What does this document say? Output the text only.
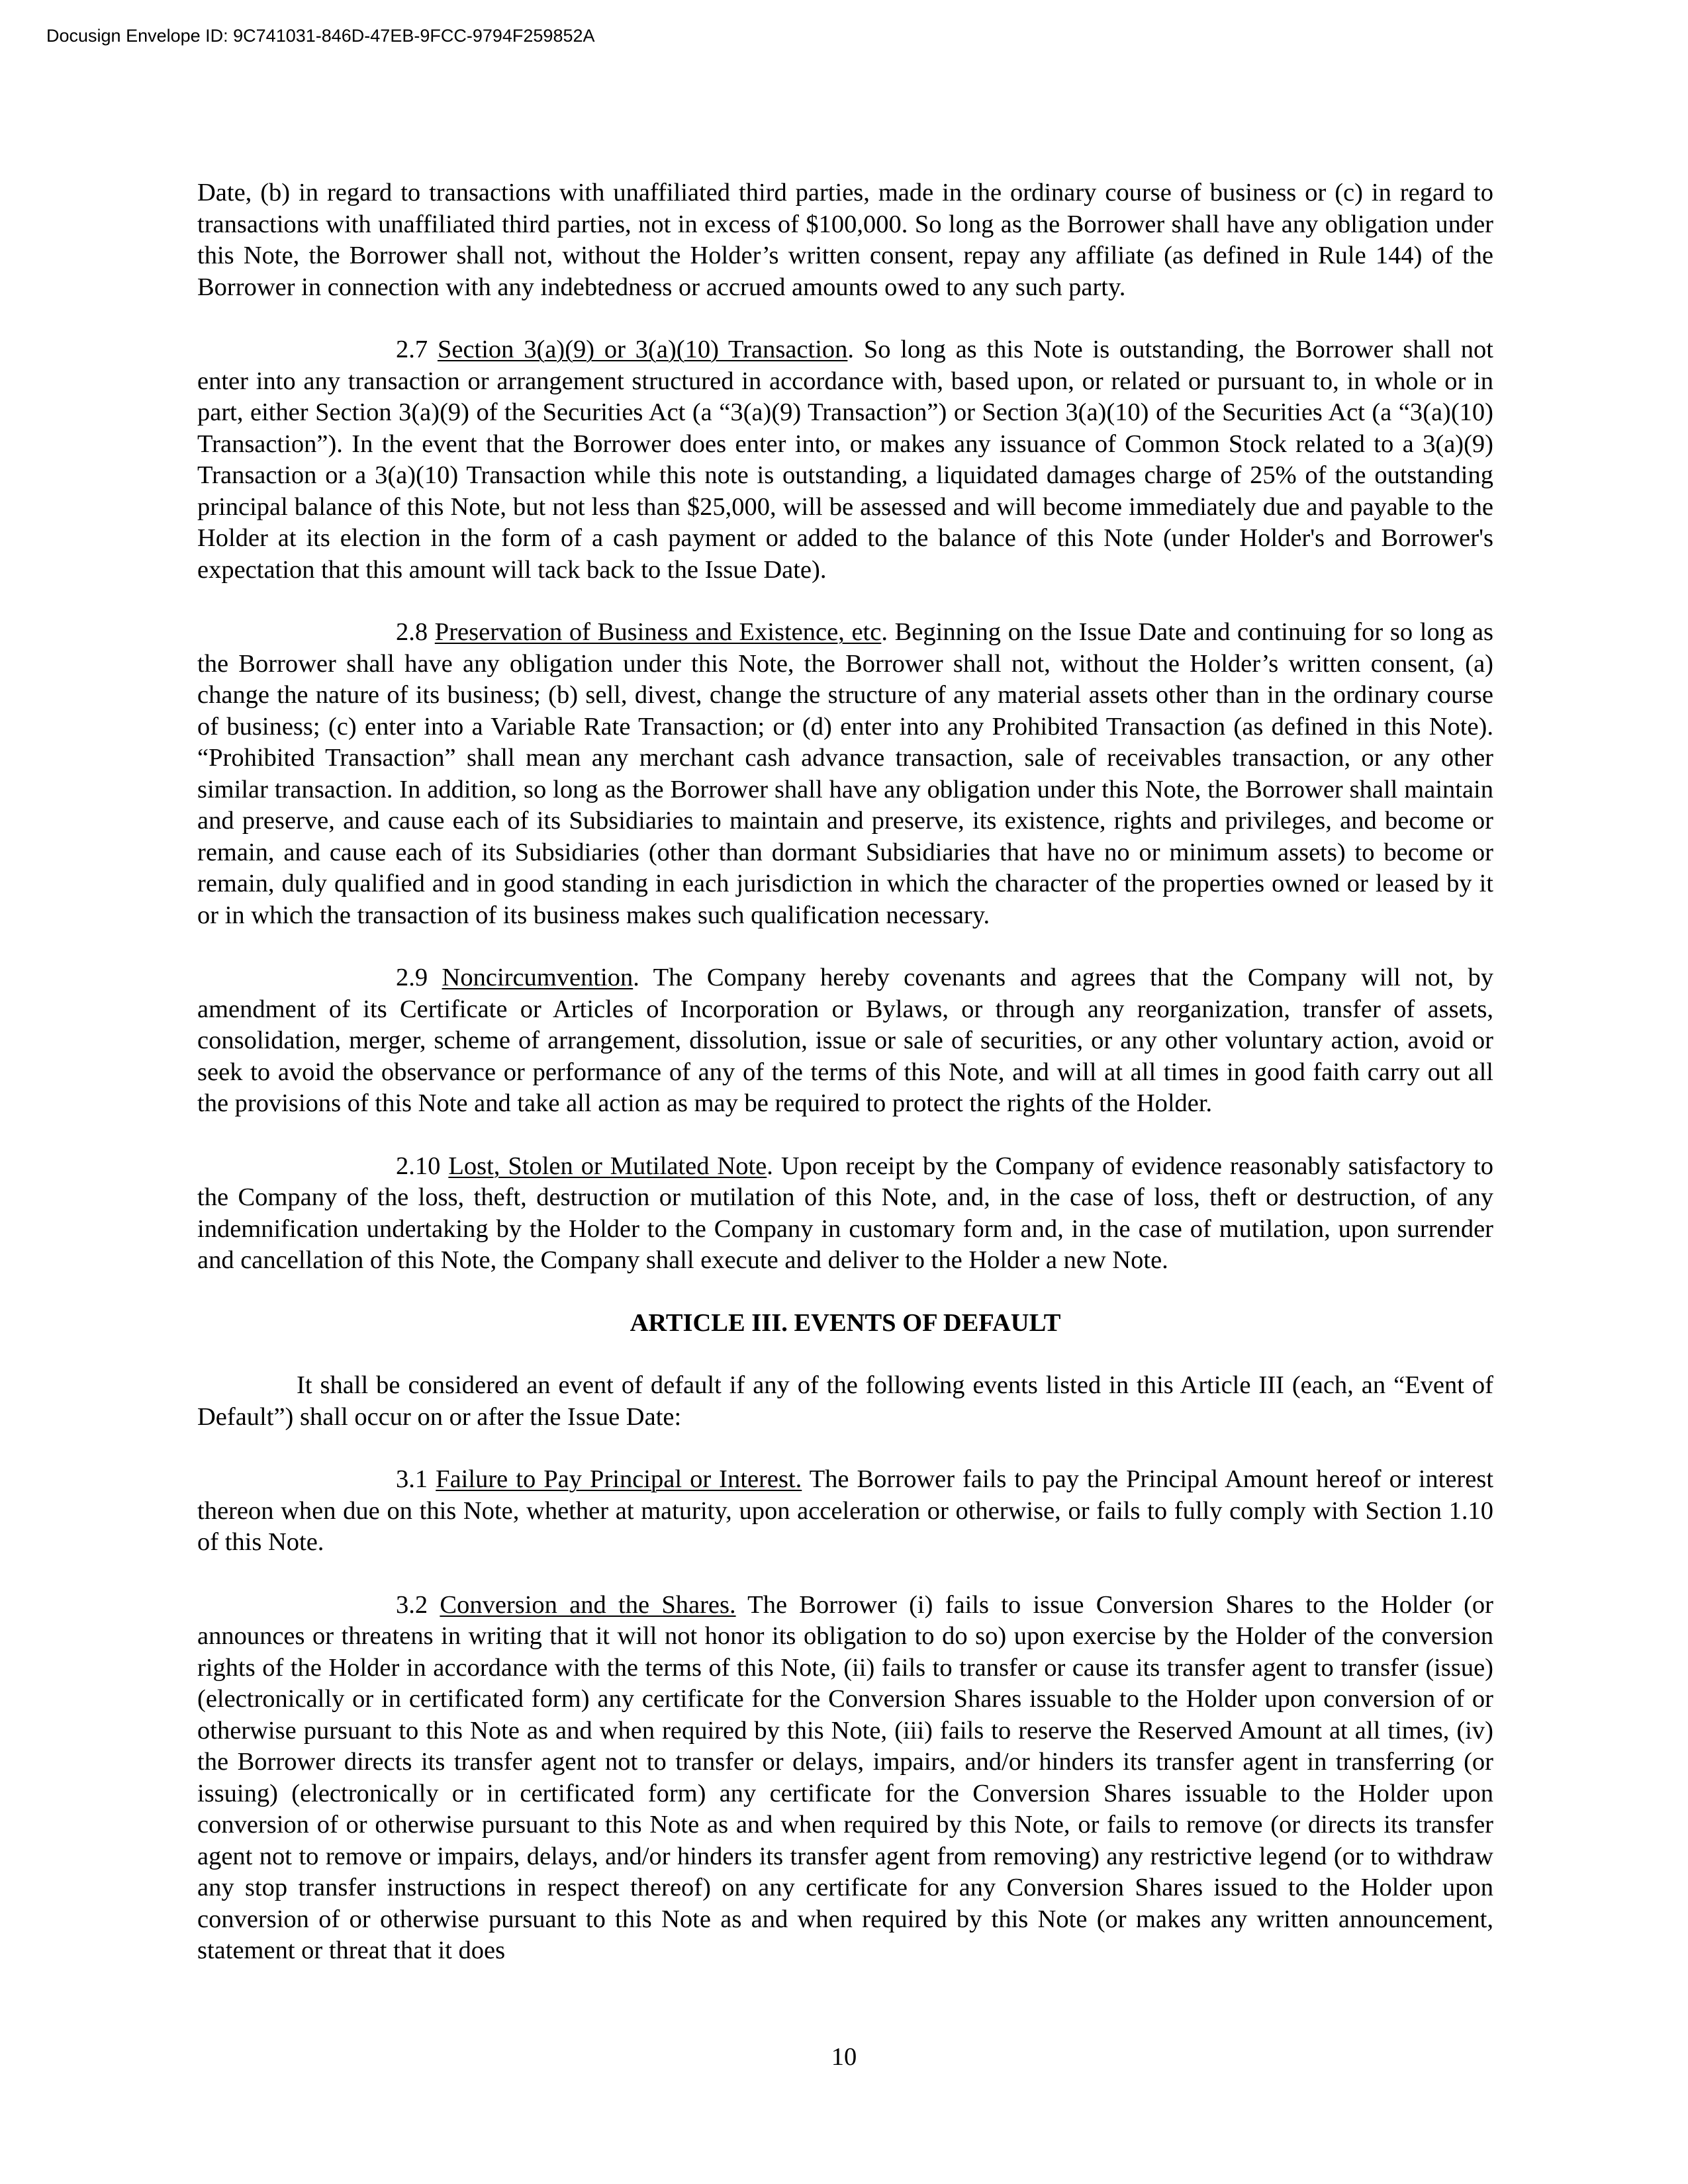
Docusign Envelope ID: 9C741031-846D-47EB-9FCC-9794F259852A

Date, (b) in regard to transactions with unaffiliated third parties, made in the ordinary course of business or (c) in regard to transactions with unaffiliated third parties, not in excess of $100,000. So long as the Borrower shall have any obligation under this Note, the Borrower shall not, without the Holder’s written consent, repay any affiliate (as defined in Rule 144) of the Borrower in connection with any indebtedness or accrued amounts owed to any such party.

2.7 Section 3(a)(9) or 3(a)(10) Transaction. So long as this Note is outstanding, the Borrower shall not enter into any transaction or arrangement structured in accordance with, based upon, or related or pursuant to, in whole or in part, either Section 3(a)(9) of the Securities Act (a “3(a)(9) Transaction”) or Section 3(a)(10) of the Securities Act (a “3(a)(10) Transaction”). In the event that the Borrower does enter into, or makes any issuance of Common Stock related to a 3(a)(9) Transaction or a 3(a)(10) Transaction while this note is outstanding, a liquidated damages charge of 25% of the outstanding principal balance of this Note, but not less than $25,000, will be assessed and will become immediately due and payable to the Holder at its election in the form of a cash payment or added to the balance of this Note (under Holder's and Borrower's expectation that this amount will tack back to the Issue Date).

2.8 Preservation of Business and Existence, etc. Beginning on the Issue Date and continuing for so long as the Borrower shall have any obligation under this Note, the Borrower shall not, without the Holder’s written consent, (a) change the nature of its business; (b) sell, divest, change the structure of any material assets other than in the ordinary course of business; (c) enter into a Variable Rate Transaction; or (d) enter into any Prohibited Transaction (as defined in this Note). “Prohibited Transaction” shall mean any merchant cash advance transaction, sale of receivables transaction, or any other similar transaction. In addition, so long as the Borrower shall have any obligation under this Note, the Borrower shall maintain and preserve, and cause each of its Subsidiaries to maintain and preserve, its existence, rights and privileges, and become or remain, and cause each of its Subsidiaries (other than dormant Subsidiaries that have no or minimum assets) to become or remain, duly qualified and in good standing in each jurisdiction in which the character of the properties owned or leased by it or in which the transaction of its business makes such qualification necessary.

2.9 Noncircumvention. The Company hereby covenants and agrees that the Company will not, by amendment of its Certificate or Articles of Incorporation or Bylaws, or through any reorganization, transfer of assets, consolidation, merger, scheme of arrangement, dissolution, issue or sale of securities, or any other voluntary action, avoid or seek to avoid the observance or performance of any of the terms of this Note, and will at all times in good faith carry out all the provisions of this Note and take all action as may be required to protect the rights of the Holder.

2.10 Lost, Stolen or Mutilated Note. Upon receipt by the Company of evidence reasonably satisfactory to the Company of the loss, theft, destruction or mutilation of this Note, and, in the case of loss, theft or destruction, of any indemnification undertaking by the Holder to the Company in customary form and, in the case of mutilation, upon surrender and cancellation of this Note, the Company shall execute and deliver to the Holder a new Note.

ARTICLE III. EVENTS OF DEFAULT

It shall be considered an event of default if any of the following events listed in this Article III (each, an “Event of Default”) shall occur on or after the Issue Date:

3.1 Failure to Pay Principal or Interest. The Borrower fails to pay the Principal Amount hereof or interest thereon when due on this Note, whether at maturity, upon acceleration or otherwise, or fails to fully comply with Section 1.10 of this Note.

3.2 Conversion and the Shares. The Borrower (i) fails to issue Conversion Shares to the Holder (or announces or threatens in writing that it will not honor its obligation to do so) upon exercise by the Holder of the conversion rights of the Holder in accordance with the terms of this Note, (ii) fails to transfer or cause its transfer agent to transfer (issue) (electronically or in certificated form) any certificate for the Conversion Shares issuable to the Holder upon conversion of or otherwise pursuant to this Note as and when required by this Note, (iii) fails to reserve the Reserved Amount at all times, (iv) the Borrower directs its transfer agent not to transfer or delays, impairs, and/or hinders its transfer agent in transferring (or issuing) (electronically or in certificated form) any certificate for the Conversion Shares issuable to the Holder upon conversion of or otherwise pursuant to this Note as and when required by this Note, or fails to remove (or directs its transfer agent not to remove or impairs, delays, and/or hinders its transfer agent from removing) any restrictive legend (or to withdraw any stop transfer instructions in respect thereof) on any certificate for any Conversion Shares issued to the Holder upon conversion of or otherwise pursuant to this Note as and when required by this Note (or makes any written announcement, statement or threat that it does

10
